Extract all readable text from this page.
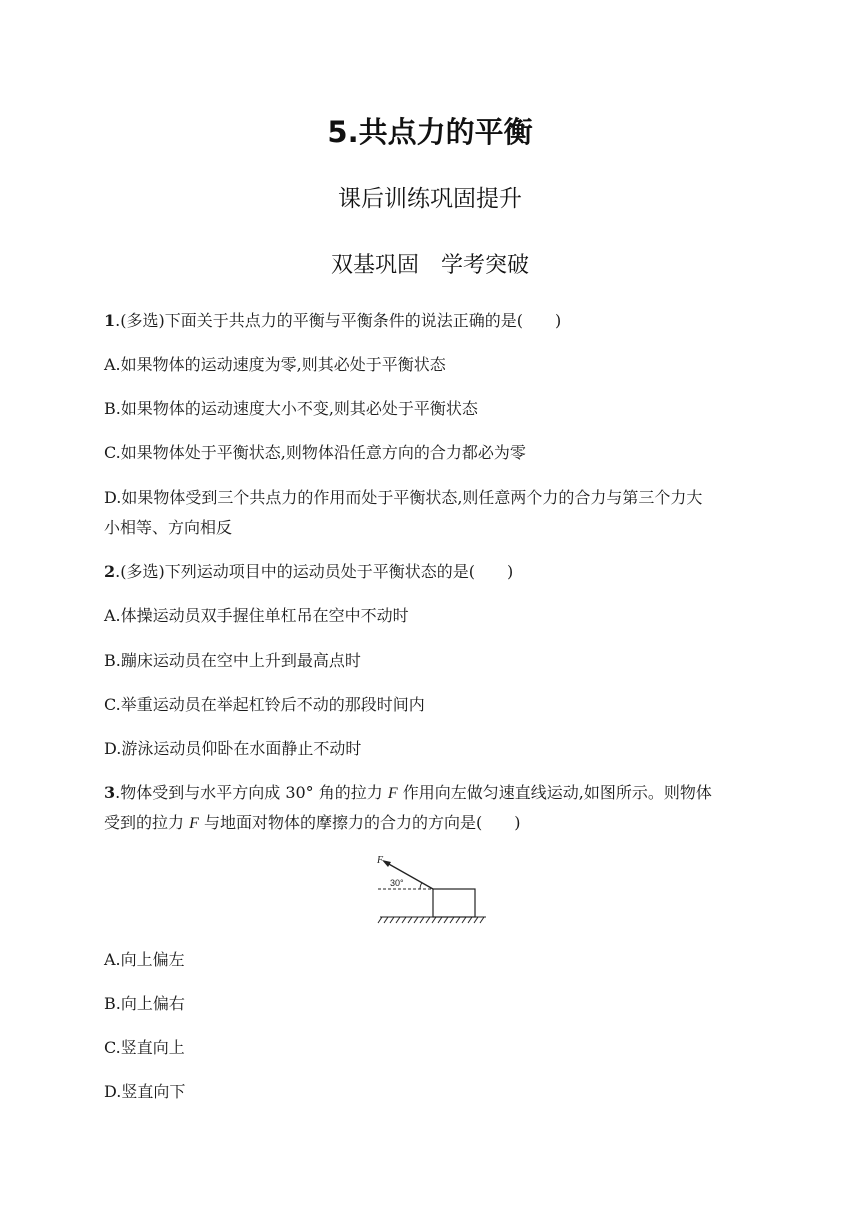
5.共点力的平衡
课后训练巩固提升
双基巩固 学考突破
1.(多选)下面关于共点力的平衡与平衡条件的说法正确的是(　　)
A.如果物体的运动速度为零,则其必处于平衡状态
B.如果物体的运动速度大小不变,则其必处于平衡状态
C.如果物体处于平衡状态,则物体沿任意方向的合力都必为零
D.如果物体受到三个共点力的作用而处于平衡状态,则任意两个力的合力与第三个力大
小相等、方向相反
2.(多选)下列运动项目中的运动员处于平衡状态的是(　　)
A.体操运动员双手握住单杠吊在空中不动时
B.蹦床运动员在空中上升到最高点时
C.举重运动员在举起杠铃后不动的那段时间内
D.游泳运动员仰卧在水面静止不动时
3.物体受到与水平方向成 30° 角的拉力 F 作用向左做匀速直线运动,如图所示。则物体
受到的拉力 F 与地面对物体的摩擦力的合力的方向是(　　)
F
30°
A.向上偏左
B.向上偏右
C.竖直向上
D.竖直向下
